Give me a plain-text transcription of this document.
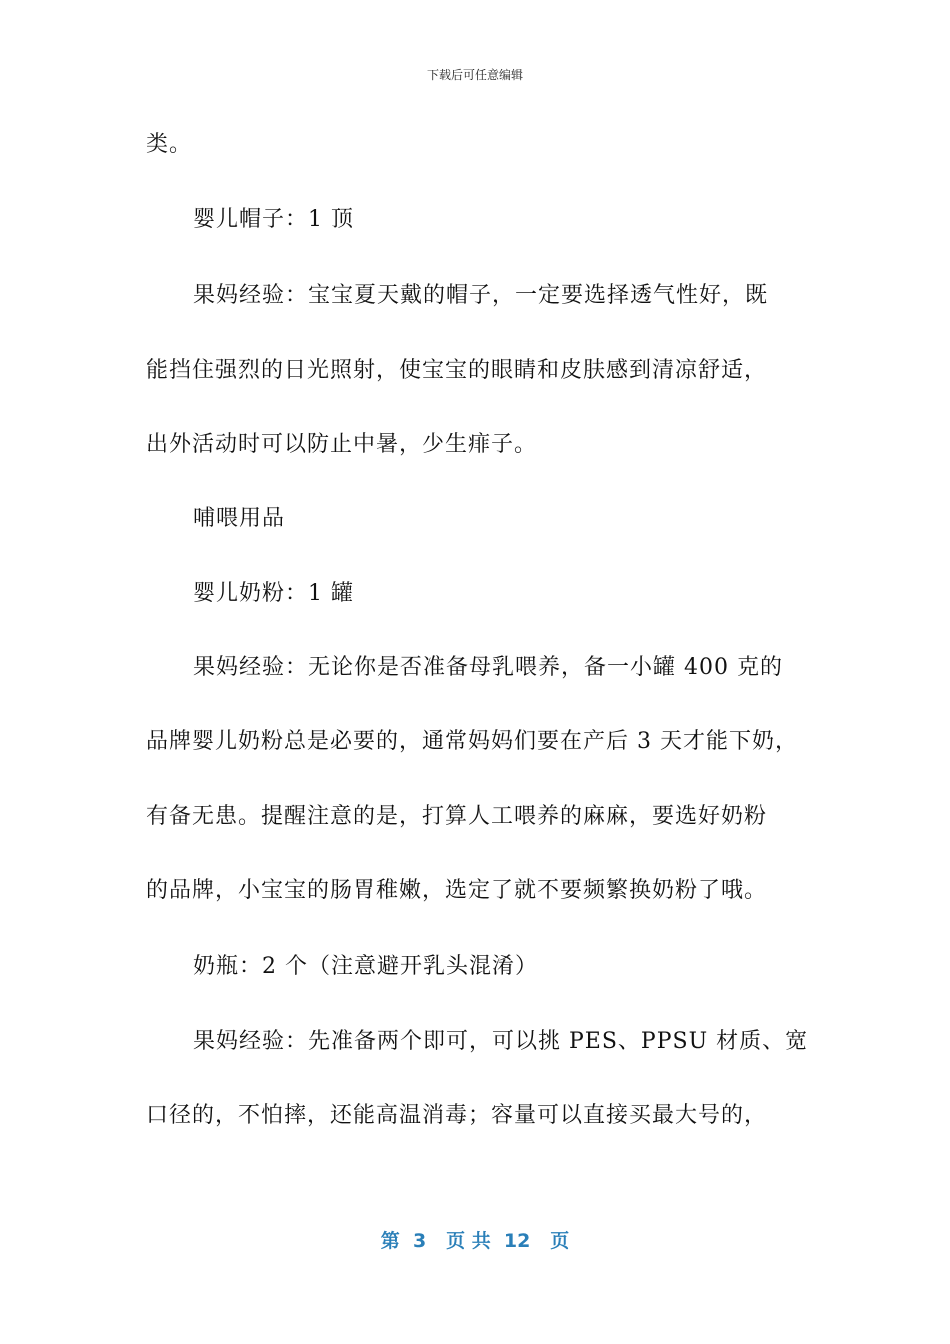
下载后可任意编辑
类。
婴儿帽子：1 顶
果妈经验：宝宝夏天戴的帽子，一定要选择透气性好，既
能挡住强烈的日光照射，使宝宝的眼睛和皮肤感到清凉舒适，
出外活动时可以防止中暑，少生痱子。
哺喂用品
婴儿奶粉：1 罐
果妈经验：无论你是否准备母乳喂养，备一小罐 400 克的
品牌婴儿奶粉总是必要的，通常妈妈们要在产后 3 天才能下奶，
有备无患。提醒注意的是，打算人工喂养的麻麻，要选好奶粉
的品牌，小宝宝的肠胃稚嫩，选定了就不要频繁换奶粉了哦。
奶瓶：2 个（注意避开乳头混淆）
果妈经验：先准备两个即可，可以挑 PES、PPSU 材质、宽
口径的，不怕摔，还能高温消毒；容量可以直接买最大号的，
第  3   页 共  12   页
